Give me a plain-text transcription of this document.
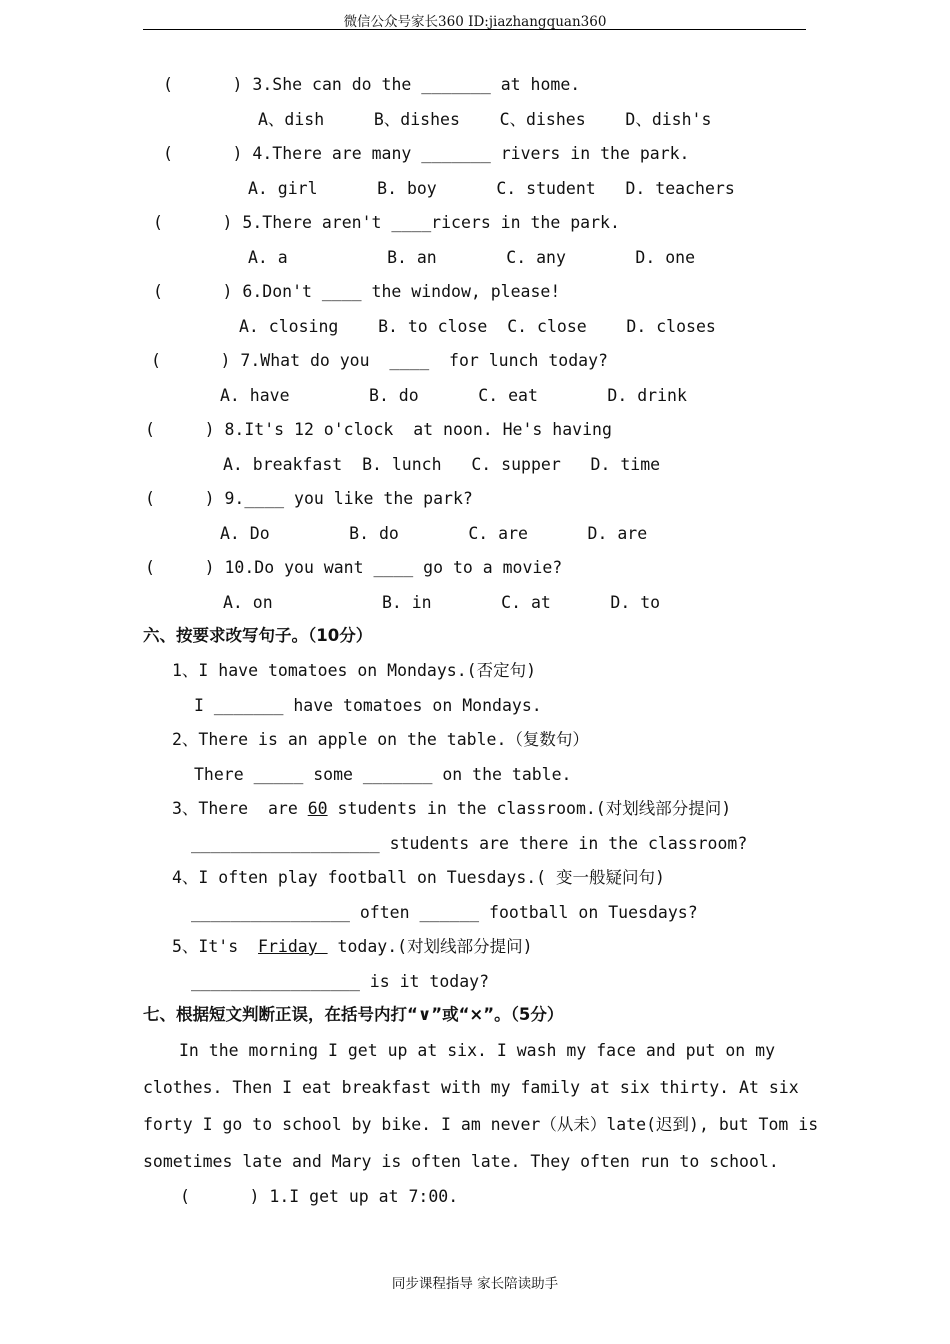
微信公众号家长360 ID:jiazhangquan360
(      ) 3.She can do the _______ at home.
A、dish     B、dishes    C、dishes    D、dish's
(      ) 4.There are many _______ rivers in the park.
A. girl      B. boy      C. student   D. teachers
(      ) 5.There aren't ____ricers in the park.
A. a          B. an       C. any       D. one
(      ) 6.Don't ____ the window, please!
A. closing    B. to close  C. close    D. closes
(      ) 7.What do you  ____  for lunch today?
A. have        B. do      C. eat       D. drink
(     ) 8.It's 12 o'clock  at noon. He's having
A. breakfast  B. lunch   C. supper   D. time
(     ) 9.____ you like the park?
A. Do        B. do       C. are      D. are
(     ) 10.Do you want ____ go to a movie?
A. on           B. in       C. at      D. to
六、按要求改写句子。（10分）
1、I have tomatoes on Mondays.(否定句)
I _______ have tomatoes on Mondays.
2、There is an apple on the table.（复数句）
There _____ some _______ on the table.
3、There  are 60 students in the classroom.(对划线部分提问)
___________________ students are there in the classroom?
4、I often play football on Tuesdays.( 变一般疑问句)
________________ often ______ football on Tuesdays?
5、It's  Friday  today.(对划线部分提问)
_________________ is it today?
七、根据短文判断正误，在括号内打“∨”或“×”。（5分）
In the morning I get up at six. I wash my face and put on my
clothes. Then I eat breakfast with my family at six thirty. At six
forty I go to school by bike. I am never（从未）late(迟到), but Tom is
sometimes late and Mary is often late. They often run to school.
(      ) 1.I get up at 7:00.
同步课程指导 家长陪读助手
